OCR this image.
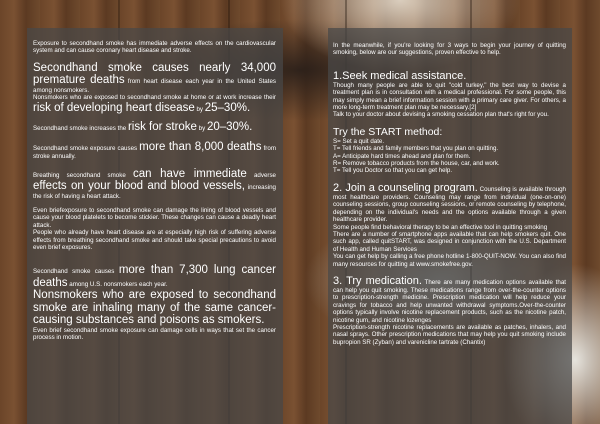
Exposure to secondhand smoke has immediate adverse effects on the cardiovascular system and can cause coronary heart disease and stroke.

Secondhand smoke causes nearly 34,000 premature deaths from heart disease each year in the United States among nonsmokers.

Nonsmokers who are exposed to secondhand smoke at home or at work increase their risk of developing heart disease by 25–30%.

Secondhand smoke increases the risk for stroke by 20–30%.

Secondhand smoke exposure causes more than 8,000 deaths from stroke annually.

Breathing secondhand smoke can have immediate adverse effects on your blood and blood vessels, increasing the risk of having a heart attack.

Even briefexposure to secondhand smoke can damage the lining of blood vessels and cause your blood platelets to become stickier. These changes can cause a deadly heart attack.

People who already have heart disease are at especially high risk of suffering adverse effects from breathing secondhand smoke and should take special precautions to avoid even brief exposures.

Secondhand smoke causes more than 7,300 lung cancer deaths among U.S. nonsmokers each year.

Nonsmokers who are exposed to secondhand smoke are inhaling many of the same cancer-causing substances and poisons as smokers.

Even brief secondhand smoke exposure can damage cells in ways that set the cancer process in motion.

In the meanwhile, if you're looking for 3 ways to begin your journey of quitting smoking, below are our suggestions, proven effective to help.

1.Seek medical assistance.

Though many people are able to quit "cold turkey," the best way to devise a treatment plan is in consultation with a medical professional. For some people, this may simply mean a brief information session with a primary care giver. For others, a more long-term treatment plan may be necessary.[2]

Talk to your doctor about devising a smoking cessation plan that's right for you.

Try the START method:

S= Set a quit date.

T= Tell friends and family members that you plan on quitting.

A= Anticipate hard times ahead and plan for them.

R= Remove tobacco products from the house, car, and work.

T= Tell you Doctor so that you can get help.

2. Join a counseling program. Counseling is available through most healthcare providers. Counseling may range from individual (one-on-one) counseling sessions, group counseling sessions, or remote counseling by telephone, depending on the individual's needs and the options available through a given healthcare provider.

Some people find behavioral therapy to be an effective tool in quitting smoking

There are a number of smartphone apps available that can help smokers quit. One such app, called quitSTART, was designed in conjunction with the U.S. Department of Health and Human Services

You can get help by calling a free phone hotline 1-800-QUIT-NOW. You can also find many resources for quitting at www.smokefree.gov.

3. Try medication. There are many medication options available that can help you quit smoking. These medications range from over-the-counter options to prescription-strength medicine. Prescription medication will help reduce your cravings for tobacco and help unwanted withdrawal symptoms.Over-the-counter options typically involve nicotine replacement products, such as the nicotine patch, nicotine gum, and nicotine lozenges

Prescription-strength nicotine replacements are available as patches, inhalers, and nasal sprays. Other prescription medications that may help you quit smoking include bupropion SR (Zyban) and varenicline tartrate (Chantix)
